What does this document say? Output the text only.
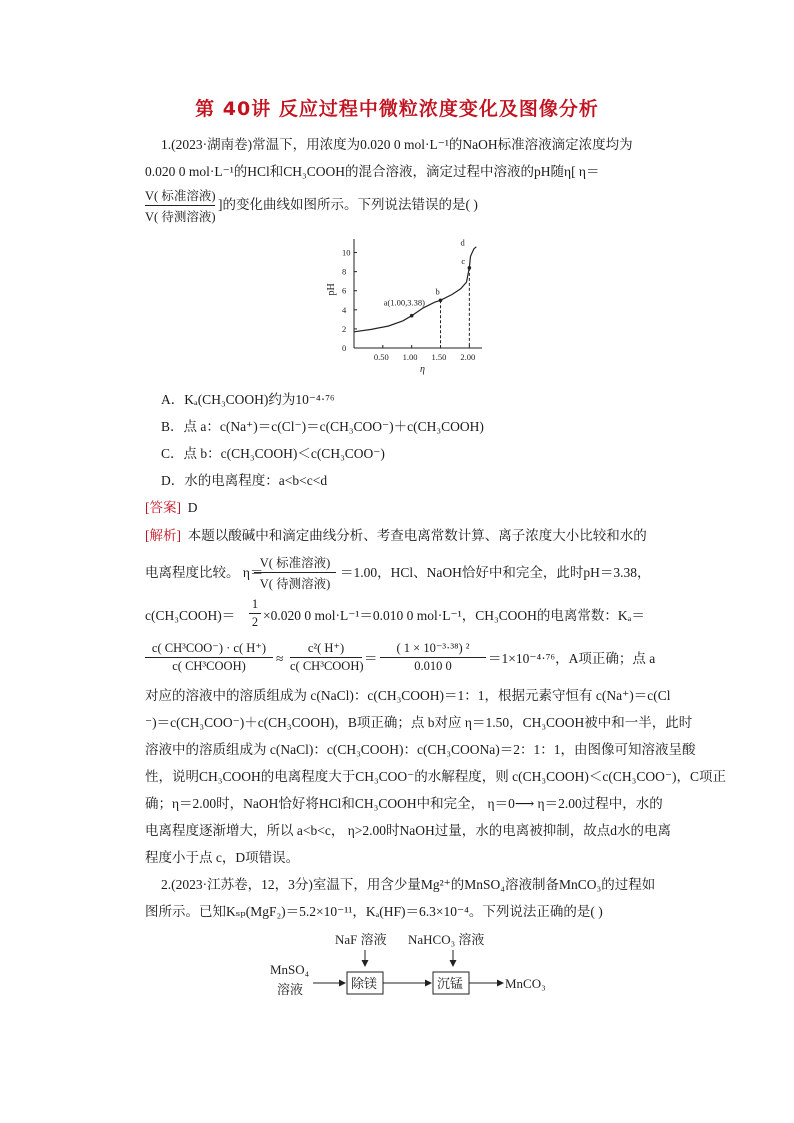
第 40讲 反应过程中微粒浓度变化及图像分析
1.(2023·湖南卷)常温下，用浓度为0.020 0 mol·L⁻¹的NaOH标准溶液滴定浓度均为
0.020 0 mol·L⁻¹的HCl和CH₃COOH的混合溶液，滴定过程中溶液的pH随η[ η＝
V( 标准溶液)
V( 待测溶液)
]的变化曲线如图所示。下列说法错误的是( )
η
pH
0.50 1.00 1.50 2.00
0
2
4
6
8
10
a(1.00,3.38)
b
c
d
A．Kₐ(CH₃COOH)约为10⁻⁴·⁷⁶
B．点 a：c(Na⁺)＝c(Cl⁻)＝c(CH₃COO⁻)＋c(CH₃COOH)
C．点 b：c(CH₃COOH)＜c(CH₃COO⁻)
D．水的电离程度：a<b<c<d
[答案] D
[解析] 本题以酸碱中和滴定曲线分析、考查电离常数计算、离子浓度大小比较和水的
电离程度比较。 η＝
V( 标准溶液)
V( 待测溶液)
＝1.00，HCl、NaOH恰好中和完全，此时pH＝3.38，
c(CH₃COOH)＝
1
2 ×0.020 0 mol·L⁻¹＝0.010 0 mol·L⁻¹，CH₃COOH的电离常数：Kₐ＝
c( CH³COO⁻) · c( H⁺)
c( CH³COOH)	≈
c²( H⁺)
c( CH³COOH) ＝
( 1 × 10⁻³·³⁸) ²
0.010 0	＝1×10⁻⁴·⁷⁶，A项正确；点 a
对应的溶液中的溶质组成为 c(NaCl)：c(CH₃COOH)＝1：1，根据元素守恒有 c(Na⁺)＝c(Cl
⁻)＝c(CH₃COO⁻)＋c(CH₃COOH)，B项正确；点 b对应 η＝1.50，CH₃COOH被中和一半，此时
溶液中的溶质组成为 c(NaCl)：c(CH₃COOH)：c(CH₃COONa)＝2：1：1，由图像可知溶液呈酸
性，说明CH₃COOH的电离程度大于CH₃COO⁻的水解程度，则 c(CH₃COOH)＜c(CH₃COO⁻)，C项正
确；η＝2.00时，NaOH恰好将HCl和CH₃COOH中和完全， η＝0⟶ η＝2.00过程中，水的
电离程度逐渐增大，所以 a<b<c， η>2.00时NaOH过量，水的电离被抑制，故点d水的电离
程度小于点 c，D项错误。
2.(2023·江苏卷，12，3分)室温下，用含少量Mg²⁺的MnSO₄溶液制备MnCO₃的过程如
图所示。已知Kₛₚ(MgF₂)＝5.2×10⁻¹¹，Kₐ(HF)＝6.3×10⁻⁴。下列说法正确的是( )
NaF 溶液 NaHCO₃ 溶液
MnSO₄
溶液	除镁	沉锰	MnCO₃
